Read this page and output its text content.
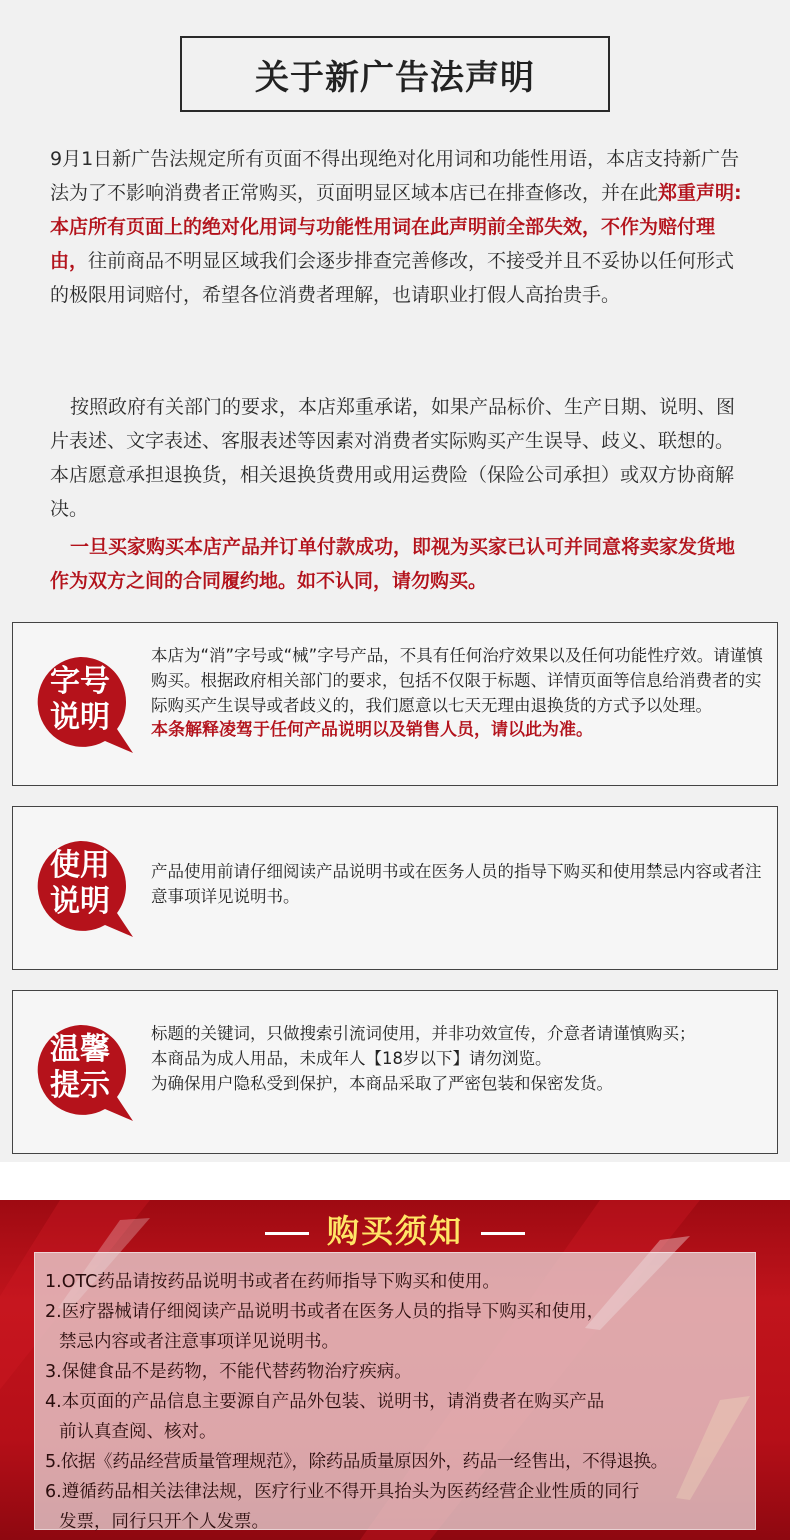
关于新广告法声明
9月1日新广告法规定所有页面不得出现绝对化用词和功能性用语，本店支持新广告法为了不影响消费者正常购买，页面明显区域本店已在排查修改，并在此郑重声明:本店所有页面上的绝对化用词与功能性用词在此声明前全部失效，不作为赔付理由，往前商品不明显区域我们会逐步排查完善修改，不接受并且不妥协以任何形式的极限用词赔付，希望各位消费者理解，也请职业打假人高抬贵手。
按照政府有关部门的要求，本店郑重承诺，如果产品标价、生产日期、说明、图片表述、文字表述、客服表述等因素对消费者实际购买产生误导、歧义、联想的。本店愿意承担退换货，相关退换货费用或用运费险（保险公司承担）或双方协商解决。
一旦买家购买本店产品并订单付款成功，即视为买家已认可并同意将卖家发货地作为双方之间的合同履约地。如不认同，请勿购买。
字号
说明
本店为“消”字号或“械”字号产品，不具有任何治疗效果以及任何功能性疗效。请谨慎购买。根据政府相关部门的要求，包括不仅限于标题、详情页面等信息给消费者的实际购买产生误导或者歧义的，我们愿意以七天无理由退换货的方式予以处理。
本条解释凌驾于任何产品说明以及销售人员，请以此为准。
使用
说明
产品使用前请仔细阅读产品说明书或在医务人员的指导下购买和使用禁忌内容或者注意事项详见说明书。
温馨
提示
标题的关键词，只做搜索引流词使用，并非功效宣传，介意者请谨慎购买；
本商品为成人用品，未成年人【18岁以下】请勿浏览。
为确保用户隐私受到保护，本商品采取了严密包装和保密发货。
购买须知
1.OTC药品请按药品说明书或者在药师指导下购买和使用。
2.医疗器械请仔细阅读产品说明书或者在医务人员的指导下购买和使用，
禁忌内容或者注意事项详见说明书。
3.保健食品不是药物，不能代替药物治疗疾病。
4.本页面的产品信息主要源自产品外包装、说明书，请消费者在购买产品
前认真查阅、核对。
5.依据《药品经营质量管理规范》，除药品质量原因外，药品一经售出，不得退换。
6.遵循药品相关法律法规，医疗行业不得开具抬头为医药经营企业性质的同行
发票，同行只开个人发票。
